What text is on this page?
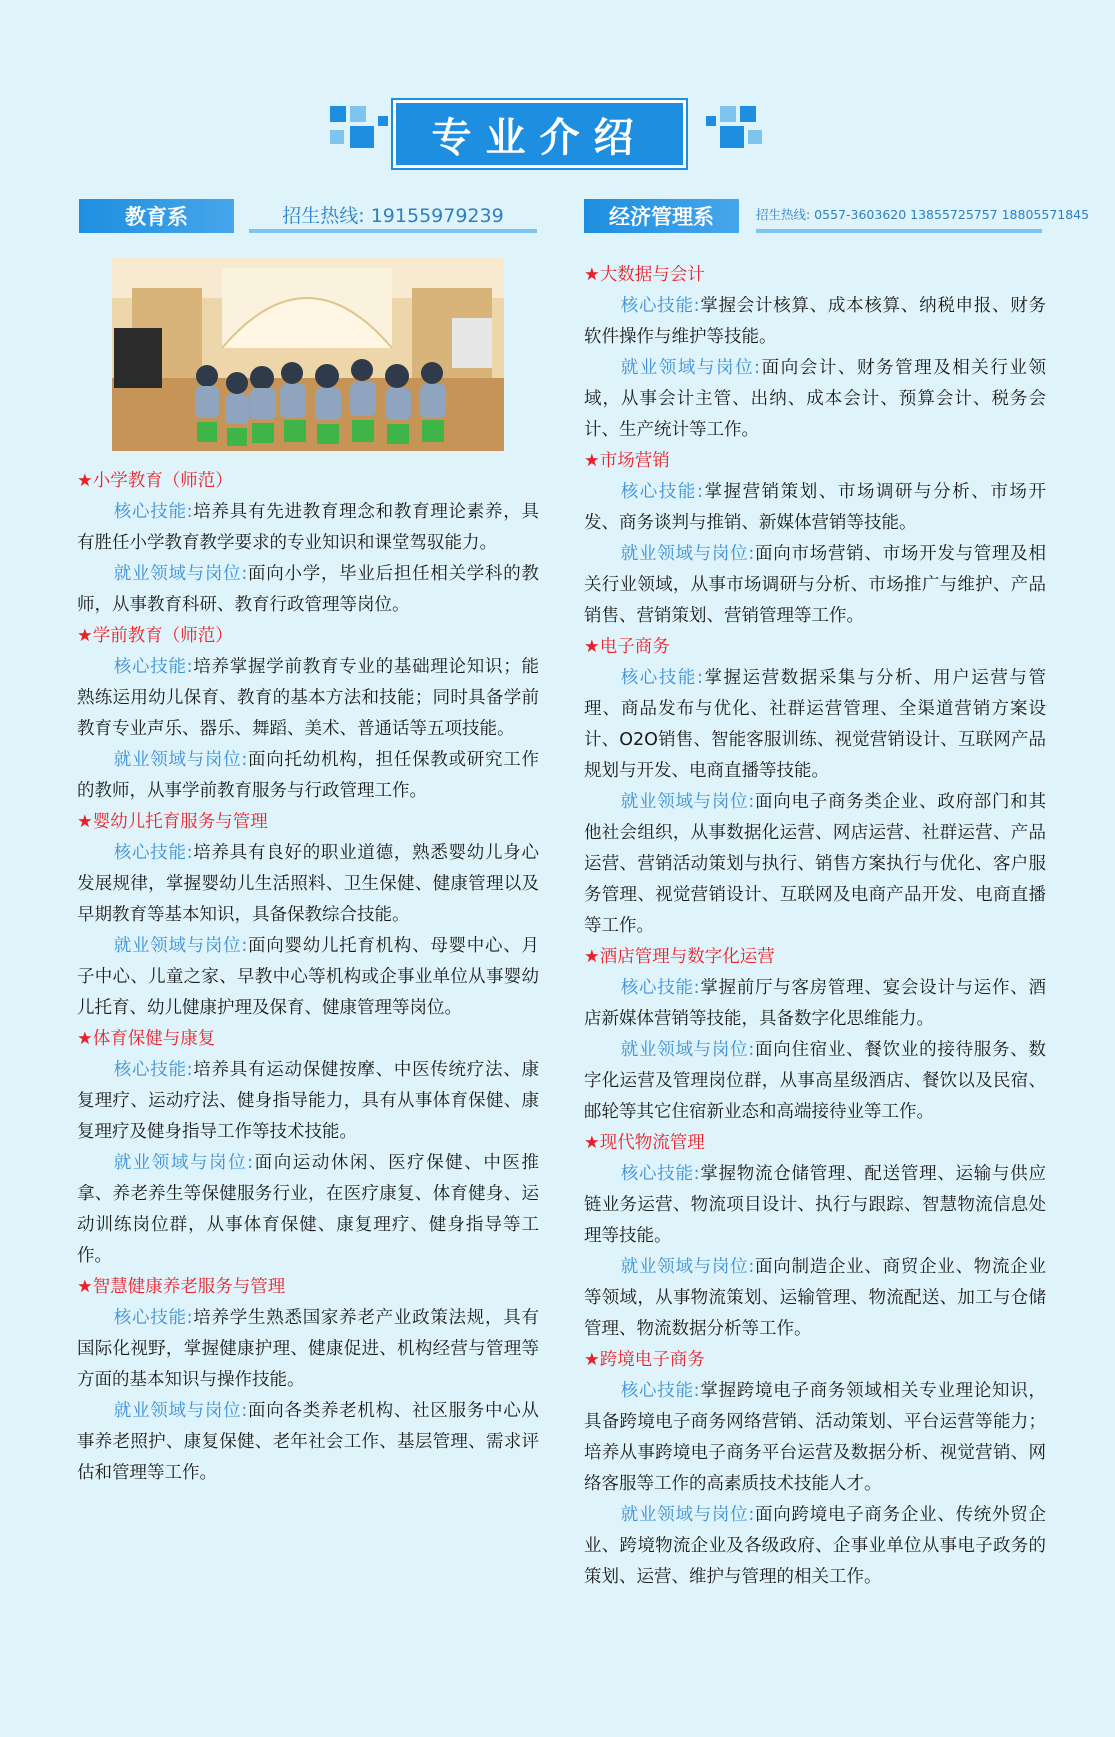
专业介绍
教育系	招生热线: 19155979239	经济管理系	招生热线: 0557-3603620 13855725757 18805571845
★小学教育（师范）

核心技能:培养具有先进教育理念和教育理论素养，具有胜任小学教育教学要求的专业知识和课堂驾驭能力。

就业领域与岗位:面向小学，毕业后担任相关学科的教师，从事教育科研、教育行政管理等岗位。

★学前教育（师范）

核心技能:培养掌握学前教育专业的基础理论知识；能熟练运用幼儿保育、教育的基本方法和技能；同时具备学前教育专业声乐、器乐、舞蹈、美术、普通话等五项技能。

就业领域与岗位:面向托幼机构，担任保教或研究工作的教师，从事学前教育服务与行政管理工作。

★婴幼儿托育服务与管理

核心技能:培养具有良好的职业道德，熟悉婴幼儿身心发展规律，掌握婴幼儿生活照料、卫生保健、健康管理以及早期教育等基本知识，具备保教综合技能。

就业领域与岗位:面向婴幼儿托育机构、母婴中心、月子中心、儿童之家、早教中心等机构或企事业单位从事婴幼儿托育、幼儿健康护理及保育、健康管理等岗位。

★体育保健与康复

核心技能:培养具有运动保健按摩、中医传统疗法、康复理疗、运动疗法、健身指导能力，具有从事体育保健、康复理疗及健身指导工作等技术技能。

就业领域与岗位:面向运动休闲、医疗保健、中医推拿、养老养生等保健服务行业，在医疗康复、体育健身、运动训练岗位群，从事体育保健、康复理疗、健身指导等工作。

★智慧健康养老服务与管理

核心技能:培养学生熟悉国家养老产业政策法规，具有国际化视野，掌握健康护理、健康促进、机构经营与管理等方面的基本知识与操作技能。

就业领域与岗位:面向各类养老机构、社区服务中心从事养老照护、康复保健、老年社会工作、基层管理、需求评估和管理等工作。

★大数据与会计

核心技能:掌握会计核算、成本核算、纳税申报、财务软件操作与维护等技能。

就业领域与岗位:面向会计、财务管理及相关行业领域，从事会计主管、出纳、成本会计、预算会计、税务会计、生产统计等工作。

★市场营销

核心技能:掌握营销策划、市场调研与分析、市场开发、商务谈判与推销、新媒体营销等技能。

就业领域与岗位:面向市场营销、市场开发与管理及相关行业领域，从事市场调研与分析、市场推广与维护、产品销售、营销策划、营销管理等工作。

★电子商务

核心技能:掌握运营数据采集与分析、用户运营与管理、商品发布与优化、社群运营管理、全渠道营销方案设计、O2O销售、智能客服训练、视觉营销设计、互联网产品规划与开发、电商直播等技能。

就业领域与岗位:面向电子商务类企业、政府部门和其他社会组织，从事数据化运营、网店运营、社群运营、产品运营、营销活动策划与执行、销售方案执行与优化、客户服务管理、视觉营销设计、互联网及电商产品开发、电商直播等工作。

★酒店管理与数字化运营

核心技能:掌握前厅与客房管理、宴会设计与运作、酒店新媒体营销等技能，具备数字化思维能力。

就业领域与岗位:面向住宿业、餐饮业的接待服务、数字化运营及管理岗位群，从事高星级酒店、餐饮以及民宿、邮轮等其它住宿新业态和高端接待业等工作。

★现代物流管理

核心技能:掌握物流仓储管理、配送管理、运输与供应链业务运营、物流项目设计、执行与跟踪、智慧物流信息处理等技能。

就业领域与岗位:面向制造企业、商贸企业、物流企业等领域，从事物流策划、运输管理、物流配送、加工与仓储管理、物流数据分析等工作。

★跨境电子商务

核心技能:掌握跨境电子商务领域相关专业理论知识，具备跨境电子商务网络营销、活动策划、平台运营等能力；培养从事跨境电子商务平台运营及数据分析、视觉营销、网络客服等工作的高素质技术技能人才。

就业领域与岗位:面向跨境电子商务企业、传统外贸企业、跨境物流企业及各级政府、企事业单位从事电子政务的策划、运营、维护与管理的相关工作。
